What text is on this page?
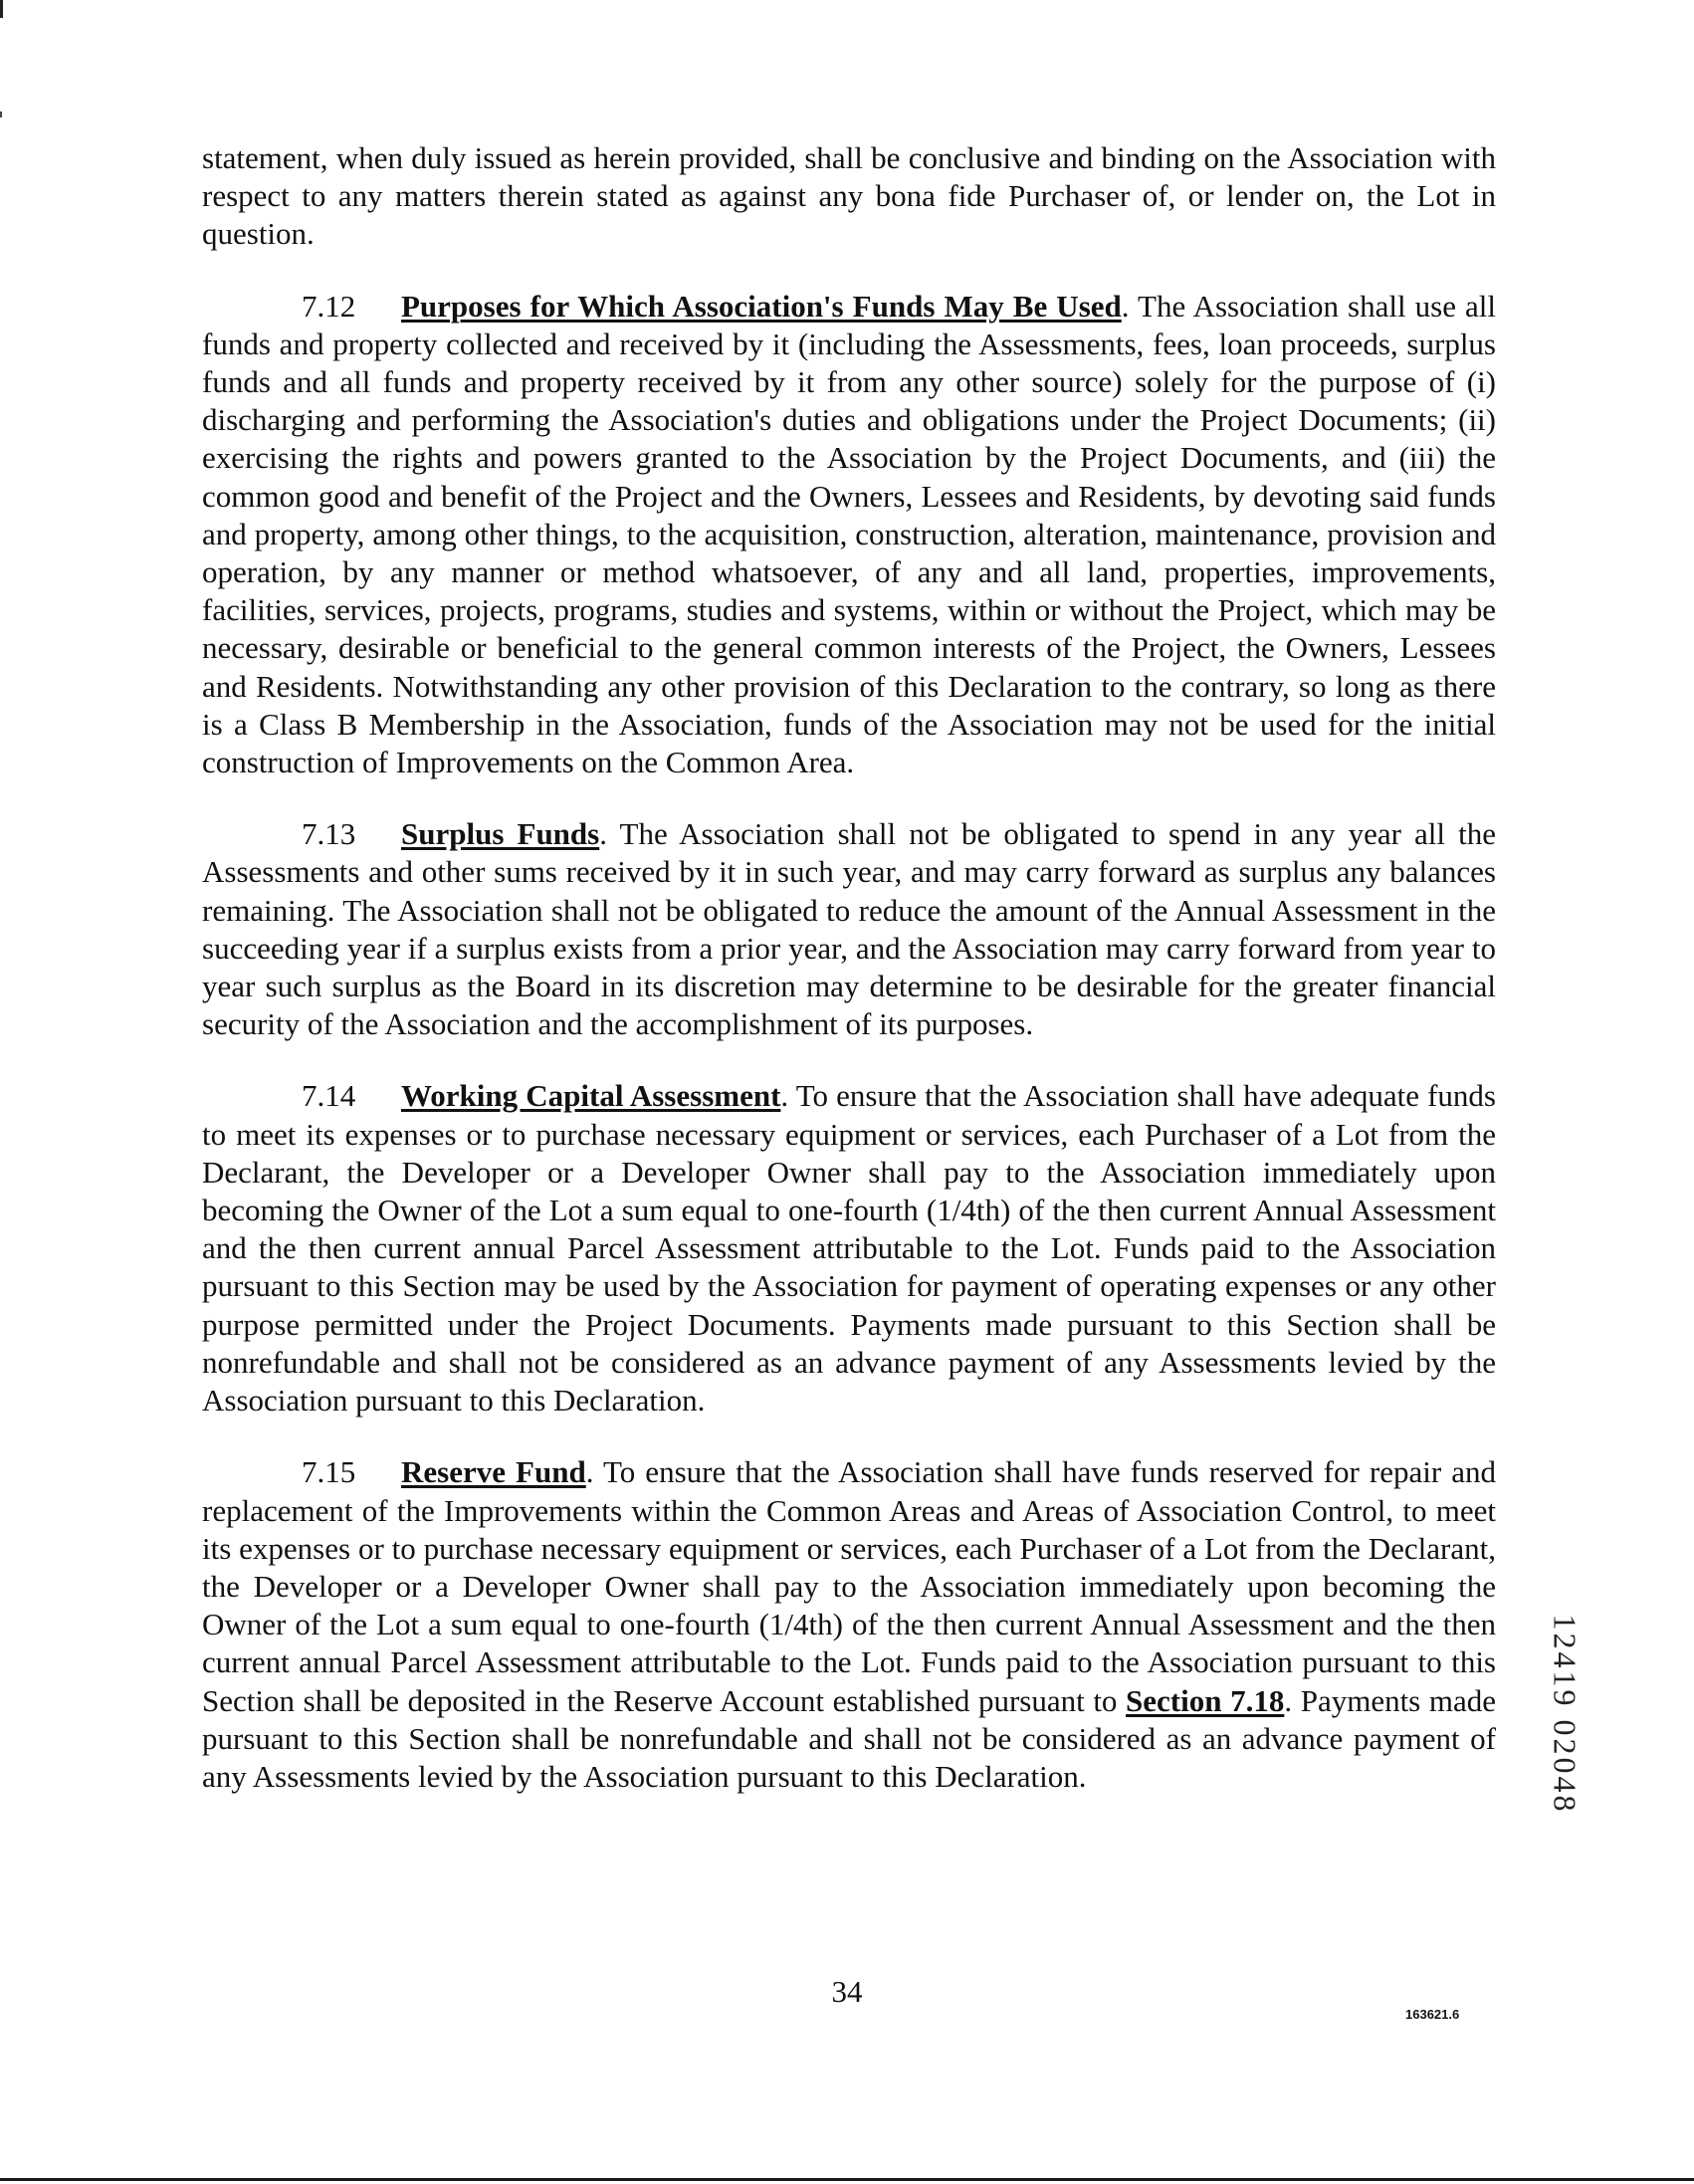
statement, when duly issued as herein provided, shall be conclusive and binding on the Association with respect to any matters therein stated as against any bona fide Purchaser of, or lender on, the Lot in question.

7.12 Purposes for Which Association's Funds May Be Used. The Association shall use all funds and property collected and received by it (including the Assessments, fees, loan proceeds, surplus funds and all funds and property received by it from any other source) solely for the purpose of (i) discharging and performing the Association's duties and obligations under the Project Documents; (ii) exercising the rights and powers granted to the Association by the Project Documents, and (iii) the common good and benefit of the Project and the Owners, Lessees and Residents, by devoting said funds and property, among other things, to the acquisition, construction, alteration, maintenance, provision and operation, by any manner or method whatsoever, of any and all land, properties, improvements, facilities, services, projects, programs, studies and systems, within or without the Project, which may be necessary, desirable or beneficial to the general common interests of the Project, the Owners, Lessees and Residents. Notwithstanding any other provision of this Declaration to the contrary, so long as there is a Class B Membership in the Association, funds of the Association may not be used for the initial construction of Improvements on the Common Area.

7.13 Surplus Funds. The Association shall not be obligated to spend in any year all the Assessments and other sums received by it in such year, and may carry forward as surplus any balances remaining. The Association shall not be obligated to reduce the amount of the Annual Assessment in the succeeding year if a surplus exists from a prior year, and the Association may carry forward from year to year such surplus as the Board in its discretion may determine to be desirable for the greater financial security of the Association and the accomplishment of its purposes.

7.14 Working Capital Assessment. To ensure that the Association shall have adequate funds to meet its expenses or to purchase necessary equipment or services, each Purchaser of a Lot from the Declarant, the Developer or a Developer Owner shall pay to the Association immediately upon becoming the Owner of the Lot a sum equal to one-fourth (1/4th) of the then current Annual Assessment and the then current annual Parcel Assessment attributable to the Lot. Funds paid to the Association pursuant to this Section may be used by the Association for payment of operating expenses or any other purpose permitted under the Project Documents. Payments made pursuant to this Section shall be nonrefundable and shall not be considered as an advance payment of any Assessments levied by the Association pursuant to this Declaration.

7.15 Reserve Fund. To ensure that the Association shall have funds reserved for repair and replacement of the Improvements within the Common Areas and Areas of Association Control, to meet its expenses or to purchase necessary equipment or services, each Purchaser of a Lot from the Declarant, the Developer or a Developer Owner shall pay to the Association immediately upon becoming the Owner of the Lot a sum equal to one-fourth (1/4th) of the then current Annual Assessment and the then current annual Parcel Assessment attributable to the Lot. Funds paid to the Association pursuant to this Section shall be deposited in the Reserve Account established pursuant to Section 7.18. Payments made pursuant to this Section shall be nonrefundable and shall not be considered as an advance payment of any Assessments levied by the Association pursuant to this Declaration.	12419 02048
34
163621.6
